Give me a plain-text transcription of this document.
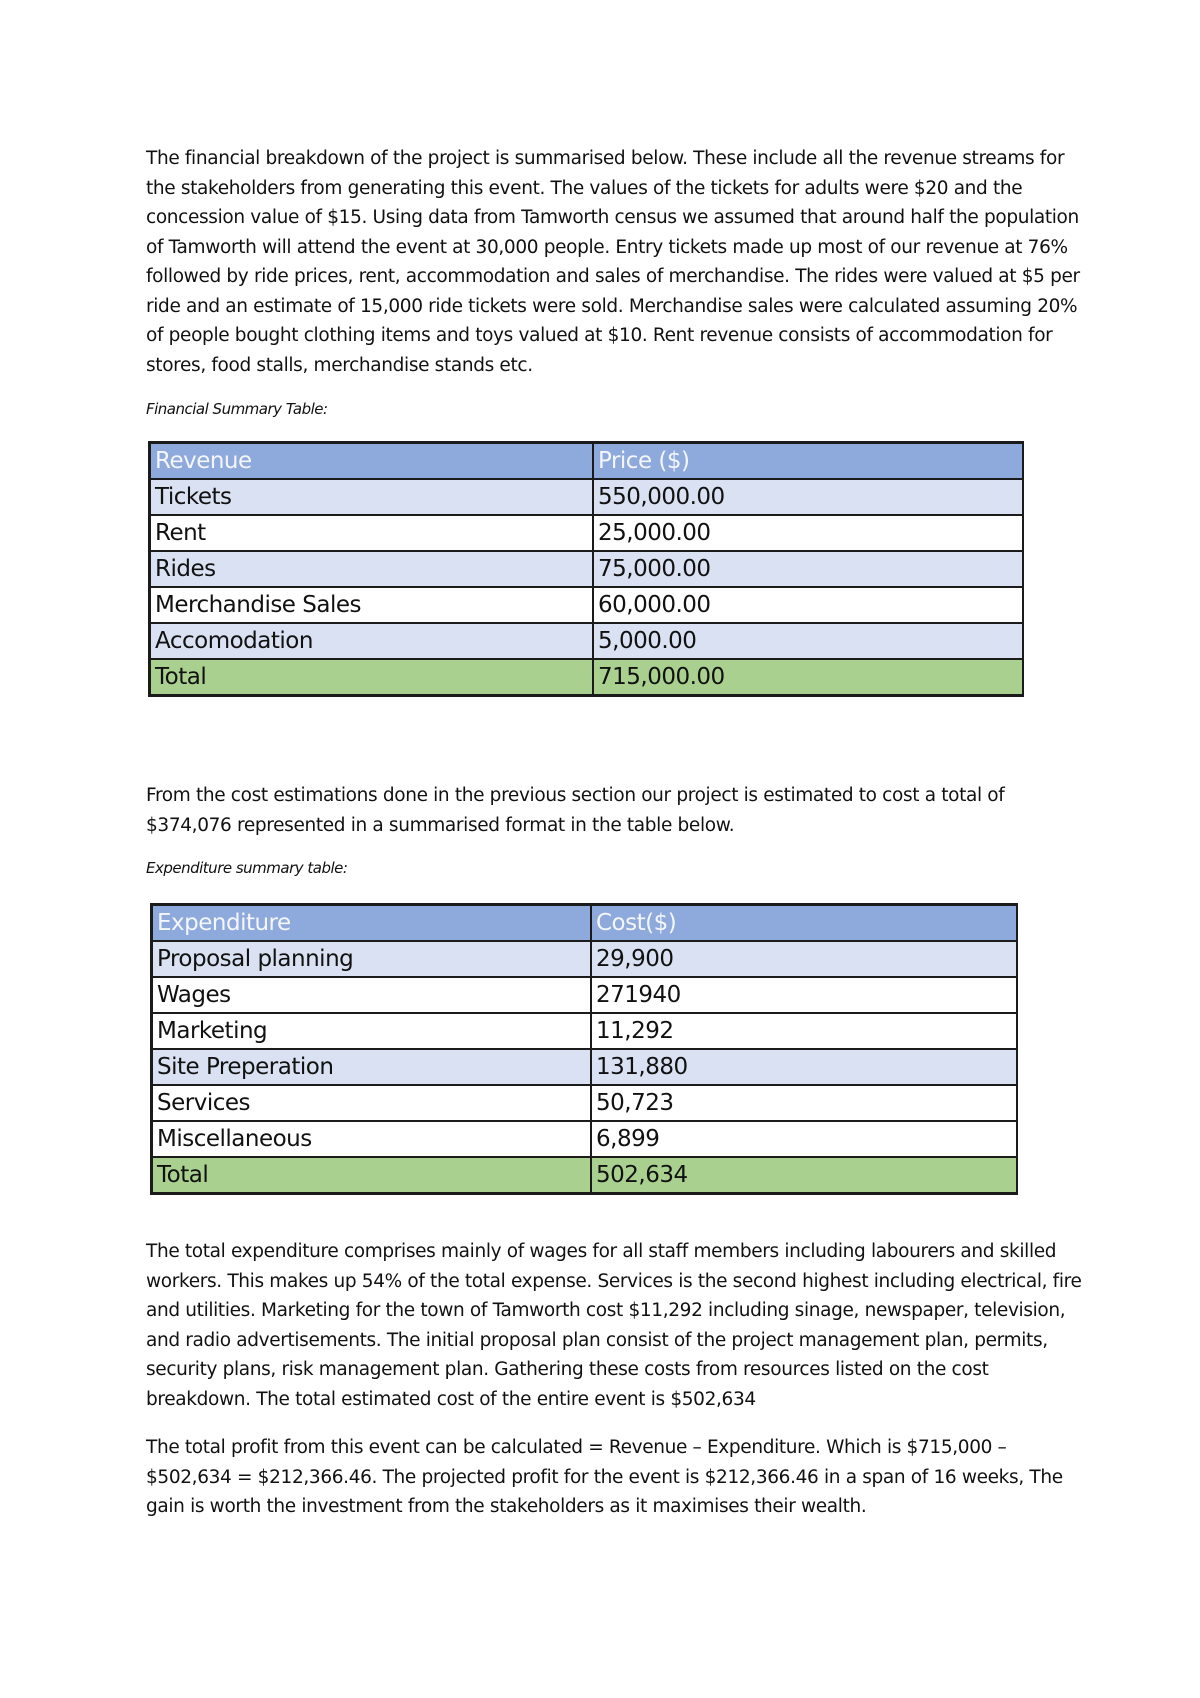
The financial breakdown of the project is summarised below. These include all the revenue streams for the stakeholders from generating this event. The values of the tickets for adults were $20 and the concession value of $15. Using data from Tamworth census we assumed that around half the population of Tamworth will attend the event at 30,000 people. Entry tickets made up most of our revenue at 76% followed by ride prices, rent, accommodation and sales of merchandise. The rides were valued at $5 per ride and an estimate of 15,000 ride tickets were sold. Merchandise sales were calculated assuming 20% of people bought clothing items and toys valued at $10. Rent revenue consists of accommodation for stores, food stalls, merchandise stands etc.

Financial Summary Table:

Revenue	Price ($)
Tickets	550,000.00
Rent	25,000.00
Rides	75,000.00
Merchandise Sales	60,000.00
Accomodation	5,000.00
Total	715,000.00

From the cost estimations done in the previous section our project is estimated to cost a total of $374,076 represented in a summarised format in the table below.

Expenditure summary table:

Expenditure	Cost($)
Proposal planning	29,900
Wages	271940
Marketing	11,292
Site Preperation	131,880
Services	50,723
Miscellaneous	6,899
Total	502,634

The total expenditure comprises mainly of wages for all staff members including labourers and skilled workers. This makes up 54% of the total expense. Services is the second highest including electrical, fire and utilities. Marketing for the town of Tamworth cost $11,292 including sinage, newspaper, television, and radio advertisements. The initial proposal plan consist of the project management plan, permits, security plans, risk management plan. Gathering these costs from resources listed on the cost breakdown. The total estimated cost of the entire event is $502,634

The total profit from this event can be calculated = Revenue – Expenditure. Which is $715,000 – $502,634 = $212,366.46. The projected profit for the event is $212,366.46 in a span of 16 weeks, The gain is worth the investment from the stakeholders as it maximises their wealth.
